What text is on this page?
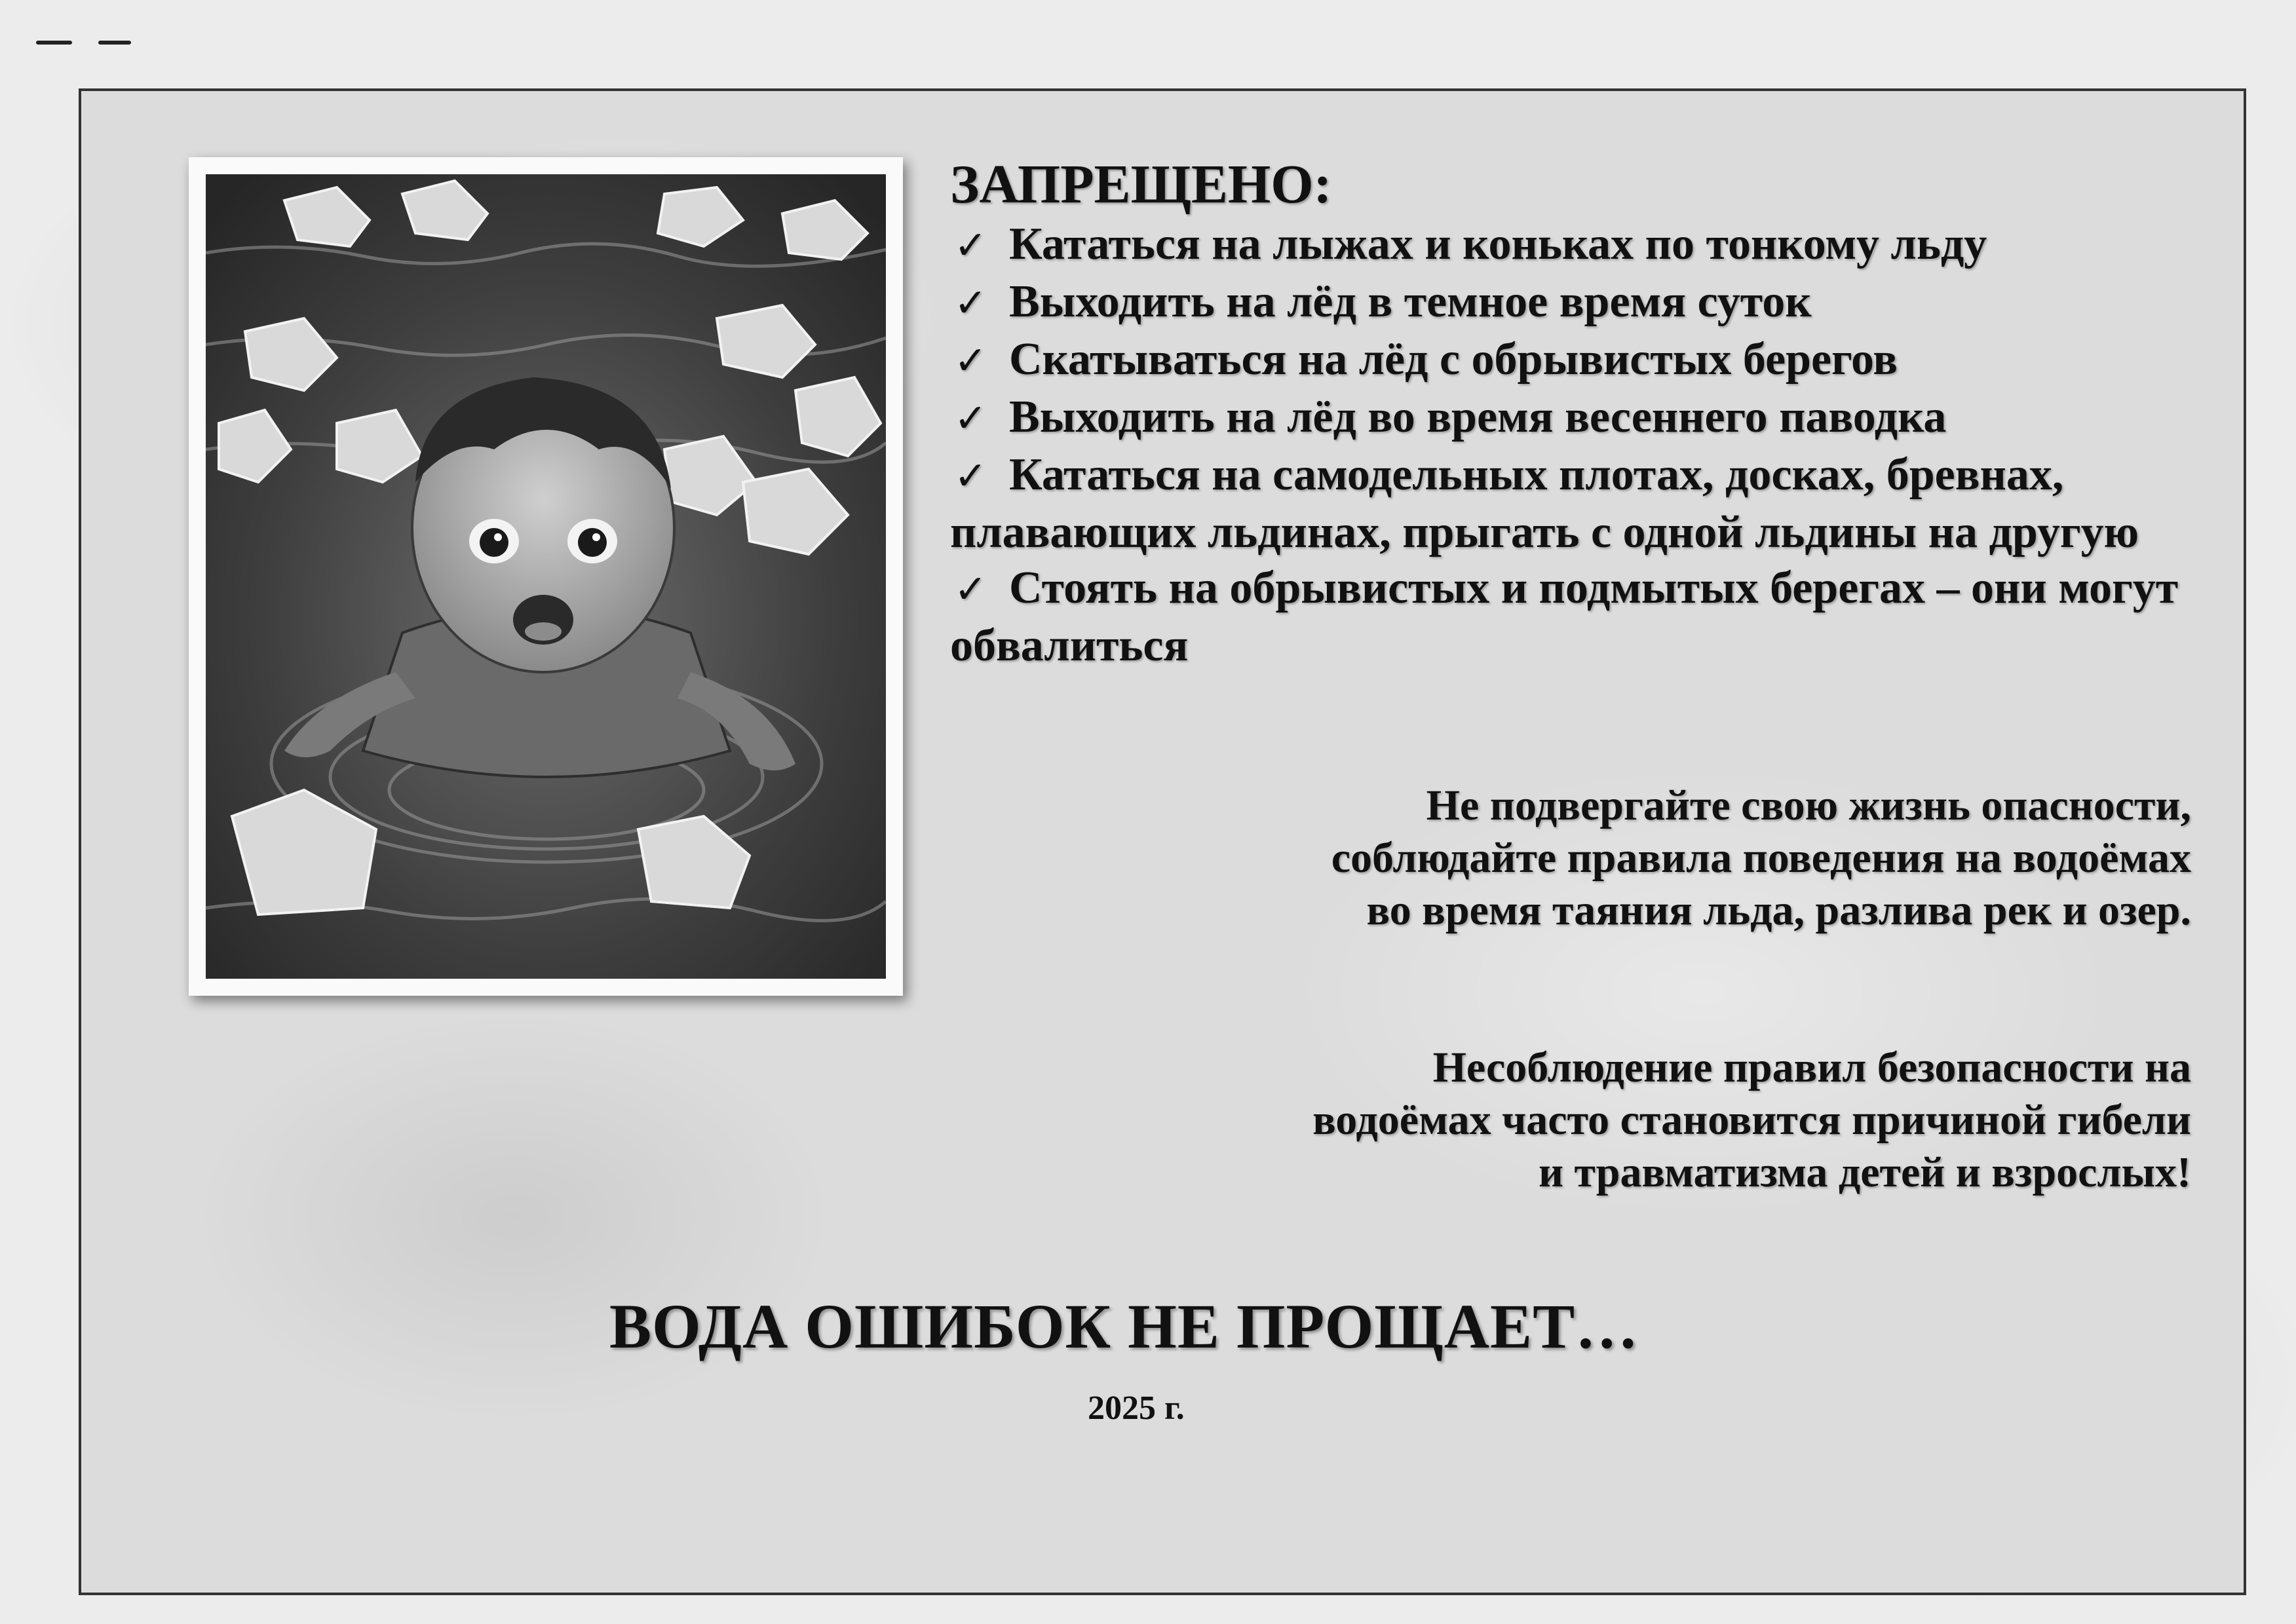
ЗАПРЕЩЕНО:

✓ Кататься на лыжах и коньках по тонкому льду
✓ Выходить на лёд в темное время суток
✓ Скатываться на лёд с обрывистых берегов
✓ Выходить на лёд во время весеннего паводка
✓ Кататься на самодельных плотах, досках, бревнах, плавающих льдинах, прыгать с одной льдины на другую
✓ Стоять на обрывистых и подмытых берегах – они могут обвалиться
Не подвергайте свою жизнь опасности,
соблюдайте правила поведения на водоёмах
во время таяния льда, разлива рек и озер.
Несоблюдение правил безопасности на
водоёмах часто становится причиной гибели
и травматизма детей и взрослых!

ВОДА ОШИБОК НЕ ПРОЩАЕТ…

2025 г.
